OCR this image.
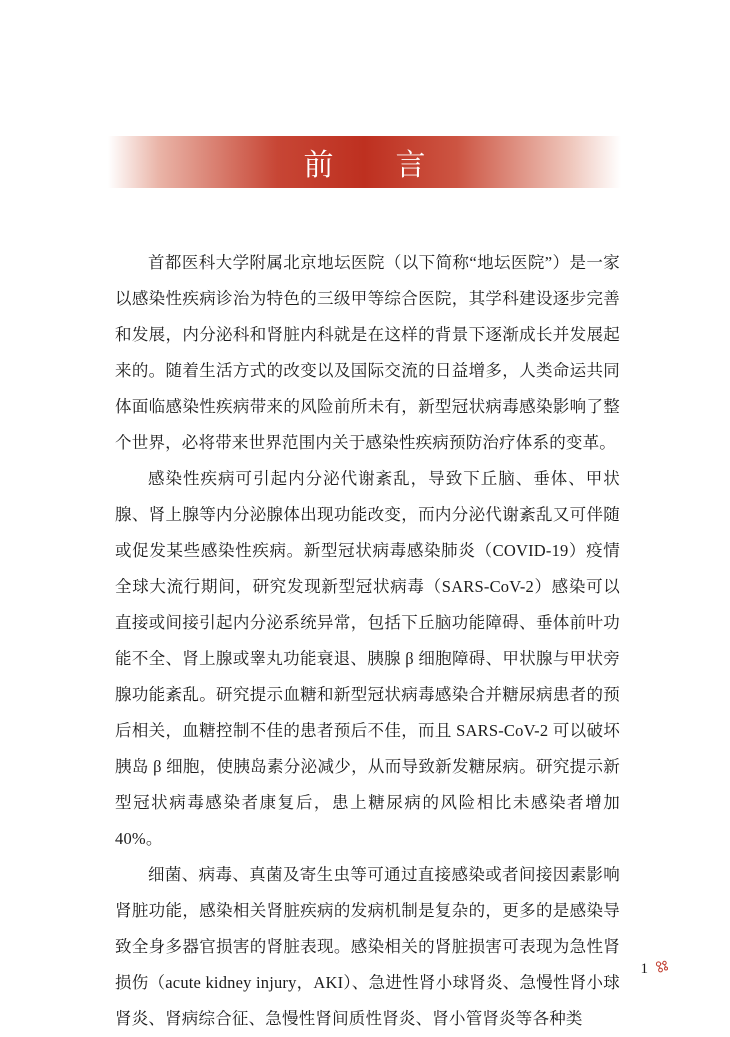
前　言

首都医科大学附属北京地坛医院（以下简称“地坛医院”）是一家以感染性疾病诊治为特色的三级甲等综合医院，其学科建设逐步完善和发展，内分泌科和肾脏内科就是在这样的背景下逐渐成长并发展起来的。随着生活方式的改变以及国际交流的日益增多，人类命运共同体面临感染性疾病带来的风险前所未有，新型冠状病毒感染影响了整个世界，必将带来世界范围内关于感染性疾病预防治疗体系的变革。

感染性疾病可引起内分泌代谢紊乱，导致下丘脑、垂体、甲状腺、肾上腺等内分泌腺体出现功能改变，而内分泌代谢紊乱又可伴随或促发某些感染性疾病。新型冠状病毒感染肺炎（COVID-19）疫情全球大流行期间，研究发现新型冠状病毒（SARS-CoV-2）感染可以直接或间接引起内分泌系统异常，包括下丘脑功能障碍、垂体前叶功能不全、肾上腺或睾丸功能衰退、胰腺 β 细胞障碍、甲状腺与甲状旁腺功能紊乱。研究提示血糖和新型冠状病毒感染合并糖尿病患者的预后相关，血糖控制不佳的患者预后不佳，而且 SARS-CoV-2 可以破坏胰岛 β 细胞，使胰岛素分泌减少，从而导致新发糖尿病。研究提示新型冠状病毒感染者康复后，患上糖尿病的风险相比未感染者增加 40%。

细菌、病毒、真菌及寄生虫等可通过直接感染或者间接因素影响肾脏功能，感染相关肾脏疾病的发病机制是复杂的，更多的是感染导致全身多器官损害的肾脏表现。感染相关的肾脏损害可表现为急性肾损伤（acute kidney injury，AKI）、急进性肾小球肾炎、急慢性肾小球肾炎、肾病综合征、急慢性肾间质性肾炎、肾小管肾炎等各种类

1
